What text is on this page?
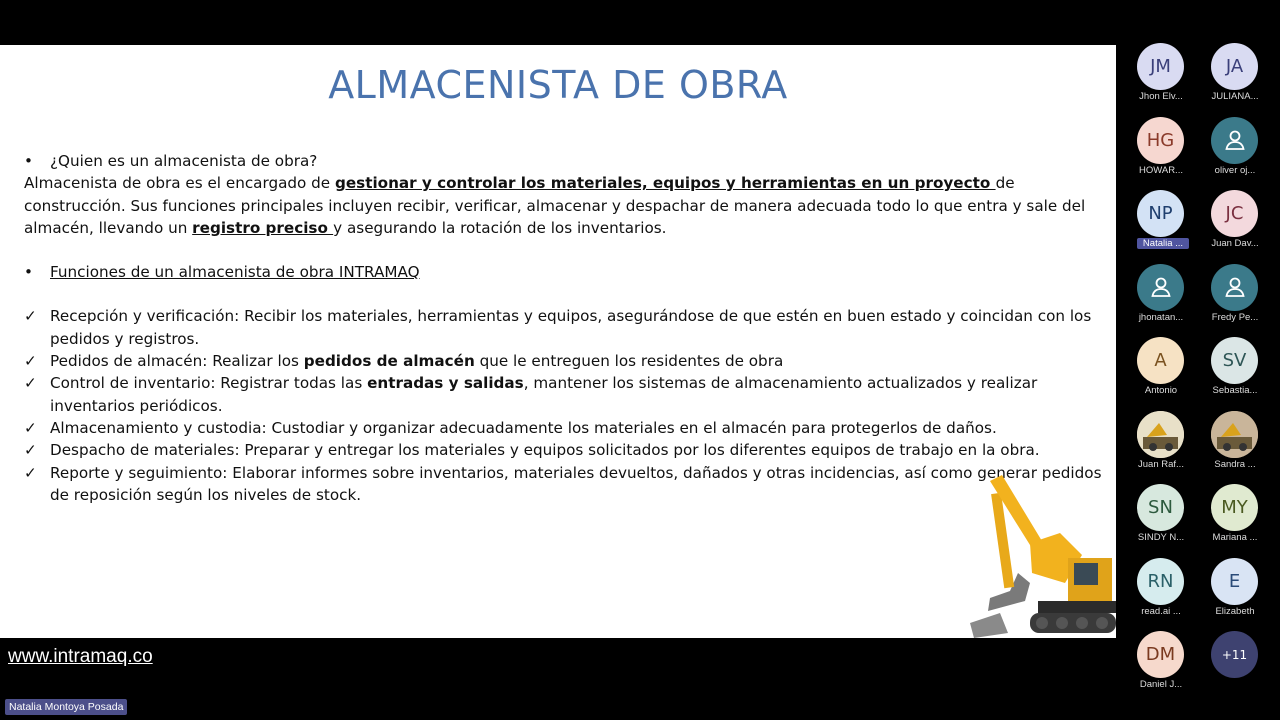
ALMACENISTA DE OBRA
•	¿Quien es un almacenista de obra?
Almacenista de obra es el encargado de gestionar y controlar los materiales, equipos y herramientas en un proyecto de construcción. Sus funciones principales incluyen recibir, verificar, almacenar y despachar de manera adecuada todo lo que entra y sale del almacén, llevando un registro preciso y asegurando la rotación de los inventarios.
•	Funciones de un almacenista de obra INTRAMAQ
✓ Recepción y verificación: Recibir los materiales, herramientas y equipos, asegurándose de que estén en buen estado y coincidan con los pedidos y registros.
✓ Pedidos de almacén: Realizar los pedidos de almacén que le entreguen los residentes de obra
✓ Control de inventario: Registrar todas las entradas y salidas, mantener los sistemas de almacenamiento actualizados y realizar inventarios periódicos.
✓ Almacenamiento y custodia: Custodiar y organizar adecuadamente los materiales en el almacén para protegerlos de daños.
✓ Despacho de materiales: Preparar y entregar los materiales y equipos solicitados por los diferentes equipos de trabajo en la obra.
✓ Reporte y seguimiento: Elaborar informes sobre inventarios, materiales devueltos, dañados y otras incidencias, así como generar pedidos de reposición según los niveles de stock.
www.intramaq.co
Natalia Montoya Posada
JM
Jhon Elv...
JA
JULIANA...
HG
HOWAR...	oliver oj...
NP
Natalia ...
JC
Juan Dav...
jhonatan...	Fredy Pe...
A
Antonio
SV
Sebastia...
Juan Raf...	Sandra ...
SN
SINDY N...
MY
Mariana ...
RN
read.ai ...
E
Elizabeth
DM
Daniel J...
+11
